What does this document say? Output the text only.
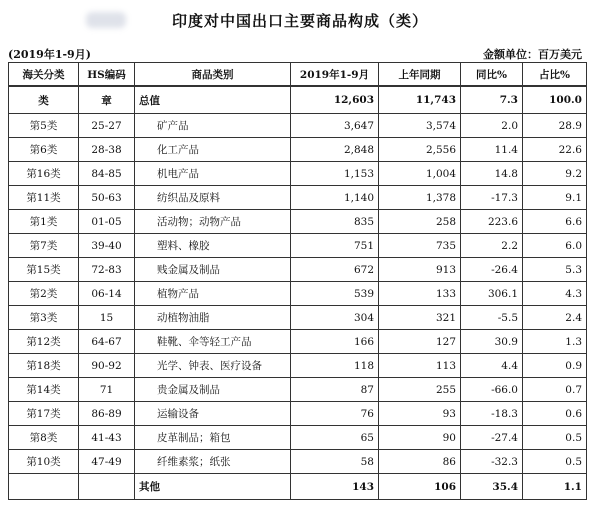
印度对中国出口主要商品构成（类）
(2019年1-9月)	金额单位：百万美元
海关分类	HS编码	商品类别	2019年1-9月	上年同期	同比%	占比%
类	章	总值	12,603	11,743	7.3	100.0
第5类	25-27	矿产品	3,647	3,574	2.0	28.9
第6类	28-38	化工产品	2,848	2,556	11.4	22.6
第16类	84-85	机电产品	1,153	1,004	14.8	9.2
第11类	50-63	纺织品及原料	1,140	1,378	-17.3	9.1
第1类	01-05	活动物；动物产品	835	258	223.6	6.6
第7类	39-40	塑料、橡胶	751	735	2.2	6.0
第15类	72-83	贱金属及制品	672	913	-26.4	5.3
第2类	06-14	植物产品	539	133	306.1	4.3
第3类	15	动植物油脂	304	321	-5.5	2.4
第12类	64-67	鞋靴、伞等轻工产品	166	127	30.9	1.3
第18类	90-92	光学、钟表、医疗设备	118	113	4.4	0.9
第14类	71	贵金属及制品	87	255	-66.0	0.7
第17类	86-89	运输设备	76	93	-18.3	0.6
第8类	41-43	皮革制品；箱包	65	90	-27.4	0.5
第10类	47-49	纤维素浆；纸张	58	86	-32.3	0.5
		其他	143	106	35.4	1.1
